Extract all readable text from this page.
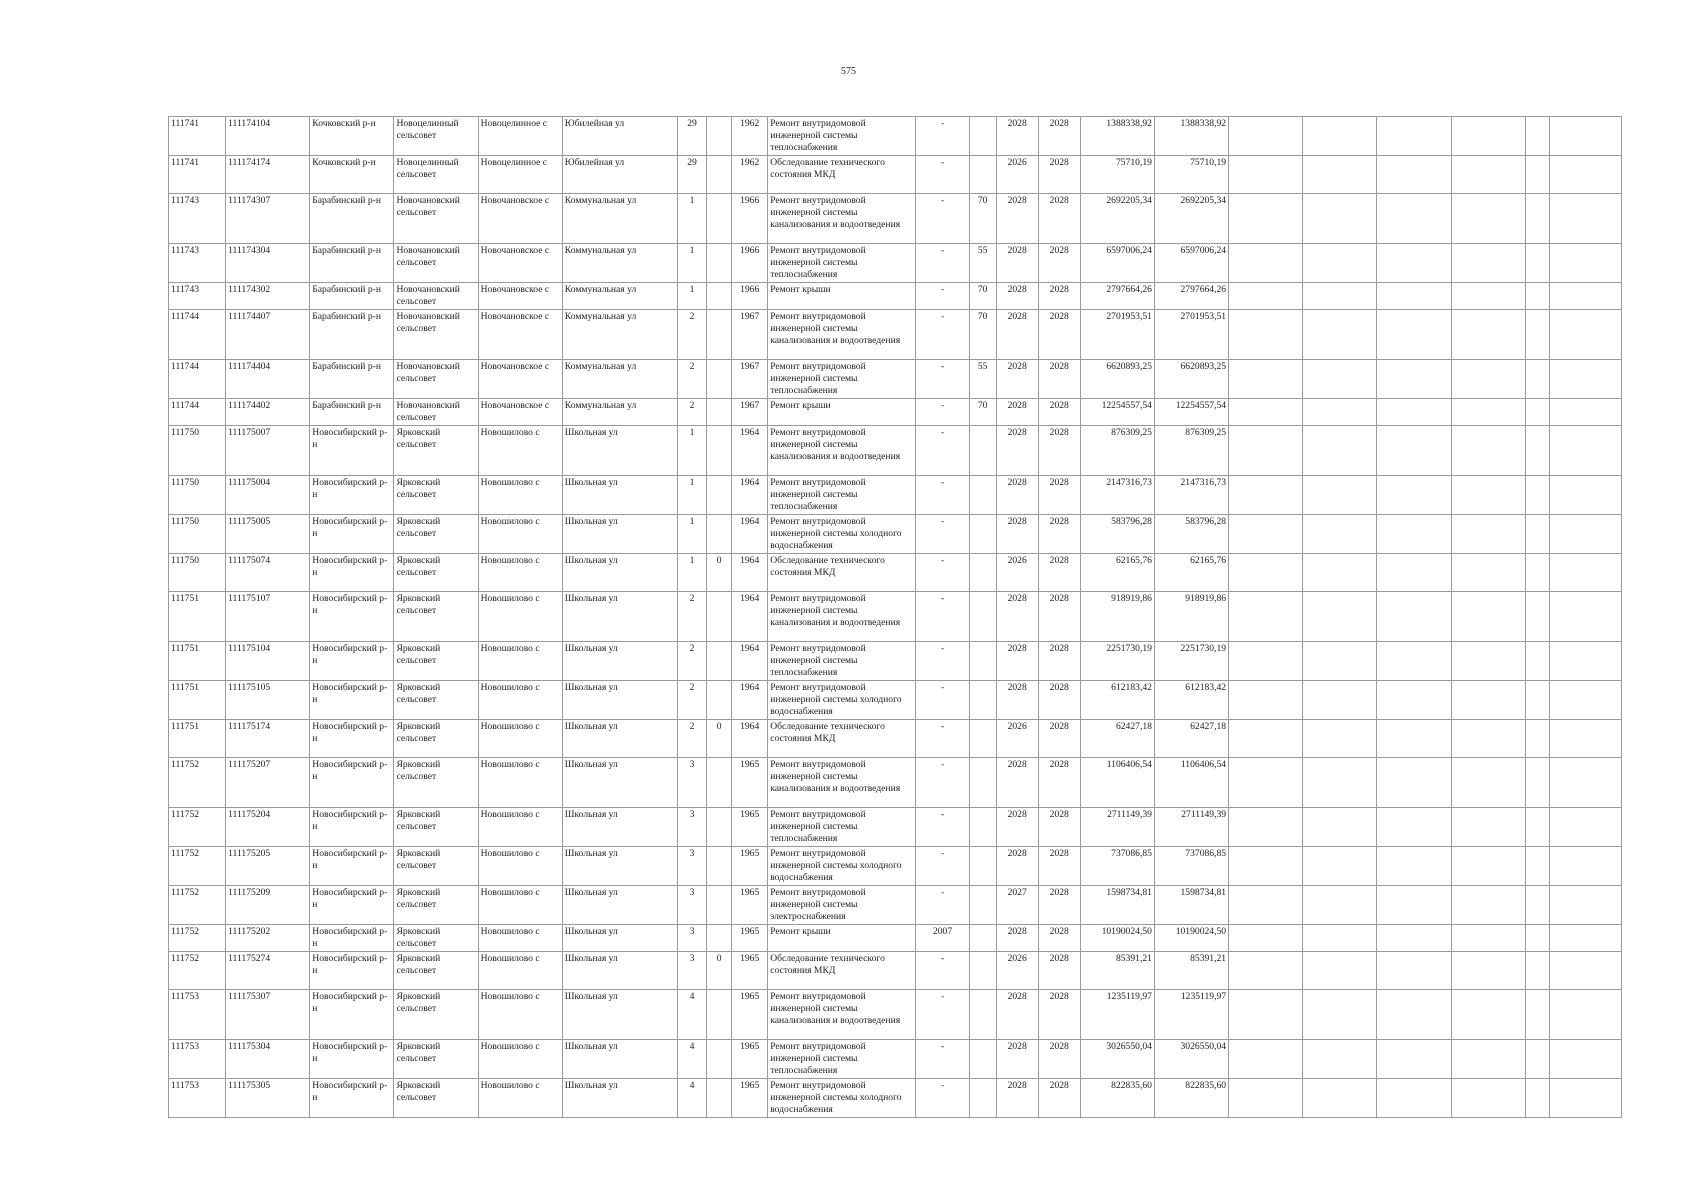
575
111741	111174104	Кочковский р-н	Новоцелинный сельсовет	Новоцелинное с	Юбилейная ул	29		1962	Ремонт внутридомовой инженерной системы теплоснабжения	-		2028	2028	1388338,92	1388338,92						
111741	111174174	Кочковский р-н	Новоцелинный сельсовет	Новоцелинное с	Юбилейная ул	29		1962	Обследование технического состояния МКД	-		2026	2028	75710,19	75710,19						
111743	111174307	Барабинский р-н	Новочановский сельсовет	Новочановское с	Коммунальная ул	1		1966	Ремонт внутридомовой инженерной системы канализования и водоотведения	-	70	2028	2028	2692205,34	2692205,34						
111743	111174304	Барабинский р-н	Новочановский сельсовет	Новочановское с	Коммунальная ул	1		1966	Ремонт внутридомовой инженерной системы теплоснабжения	-	55	2028	2028	6597006,24	6597006,24						
111743	111174302	Барабинский р-н	Новочановский сельсовет	Новочановское с	Коммунальная ул	1		1966	Ремонт крыши	-	70	2028	2028	2797664,26	2797664,26						
111744	111174407	Барабинский р-н	Новочановский сельсовет	Новочановское с	Коммунальная ул	2		1967	Ремонт внутридомовой инженерной системы канализования и водоотведения	-	70	2028	2028	2701953,51	2701953,51						
111744	111174404	Барабинский р-н	Новочановский сельсовет	Новочановское с	Коммунальная ул	2		1967	Ремонт внутридомовой инженерной системы теплоснабжения	-	55	2028	2028	6620893,25	6620893,25						
111744	111174402	Барабинский р-н	Новочановский сельсовет	Новочановское с	Коммунальная ул	2		1967	Ремонт крыши	-	70	2028	2028	12254557,54	12254557,54						
111750	111175007	Новосибирский р-н	Ярковский сельсовет	Новошилово с	Школьная ул	1		1964	Ремонт внутридомовой инженерной системы канализования и водоотведения	-		2028	2028	876309,25	876309,25						
111750	111175004	Новосибирский р-н	Ярковский сельсовет	Новошилово с	Школьная ул	1		1964	Ремонт внутридомовой инженерной системы теплоснабжения	-		2028	2028	2147316,73	2147316,73						
111750	111175005	Новосибирский р-н	Ярковский сельсовет	Новошилово с	Школьная ул	1		1964	Ремонт внутридомовой инженерной системы холодного водоснабжения	-		2028	2028	583796,28	583796,28						
111750	111175074	Новосибирский р-н	Ярковский сельсовет	Новошилово с	Школьная ул	1	0	1964	Обследование технического состояния МКД	-		2026	2028	62165,76	62165,76						
111751	111175107	Новосибирский р-н	Ярковский сельсовет	Новошилово с	Школьная ул	2		1964	Ремонт внутридомовой инженерной системы канализования и водоотведения	-		2028	2028	918919,86	918919,86						
111751	111175104	Новосибирский р-н	Ярковский сельсовет	Новошилово с	Школьная ул	2		1964	Ремонт внутридомовой инженерной системы теплоснабжения	-		2028	2028	2251730,19	2251730,19						
111751	111175105	Новосибирский р-н	Ярковский сельсовет	Новошилово с	Школьная ул	2		1964	Ремонт внутридомовой инженерной системы холодного водоснабжения	-		2028	2028	612183,42	612183,42						
111751	111175174	Новосибирский р-н	Ярковский сельсовет	Новошилово с	Школьная ул	2	0	1964	Обследование технического состояния МКД	-		2026	2028	62427,18	62427,18						
111752	111175207	Новосибирский р-н	Ярковский сельсовет	Новошилово с	Школьная ул	3		1965	Ремонт внутридомовой инженерной системы канализования и водоотведения	-		2028	2028	1106406,54	1106406,54						
111752	111175204	Новосибирский р-н	Ярковский сельсовет	Новошилово с	Школьная ул	3		1965	Ремонт внутридомовой инженерной системы теплоснабжения	-		2028	2028	2711149,39	2711149,39						
111752	111175205	Новосибирский р-н	Ярковский сельсовет	Новошилово с	Школьная ул	3		1965	Ремонт внутридомовой инженерной системы холодного водоснабжения	-		2028	2028	737086,85	737086,85						
111752	111175209	Новосибирский р-н	Ярковский сельсовет	Новошилово с	Школьная ул	3		1965	Ремонт внутридомовой инженерной системы электроснабжения	-		2027	2028	1598734,81	1598734,81						
111752	111175202	Новосибирский р-н	Ярковский сельсовет	Новошилово с	Школьная ул	3		1965	Ремонт крыши	2007		2028	2028	10190024,50	10190024,50						
111752	111175274	Новосибирский р-н	Ярковский сельсовет	Новошилово с	Школьная ул	3	0	1965	Обследование технического состояния МКД	-		2026	2028	85391,21	85391,21						
111753	111175307	Новосибирский р-н	Ярковский сельсовет	Новошилово с	Школьная ул	4		1965	Ремонт внутридомовой инженерной системы канализования и водоотведения	-		2028	2028	1235119,97	1235119,97						
111753	111175304	Новосибирский р-н	Ярковский сельсовет	Новошилово с	Школьная ул	4		1965	Ремонт внутридомовой инженерной системы теплоснабжения	-		2028	2028	3026550,04	3026550,04						
111753	111175305	Новосибирский р-н	Ярковский сельсовет	Новошилово с	Школьная ул	4		1965	Ремонт внутридомовой инженерной системы холодного водоснабжения	-		2028	2028	822835,60	822835,60						
